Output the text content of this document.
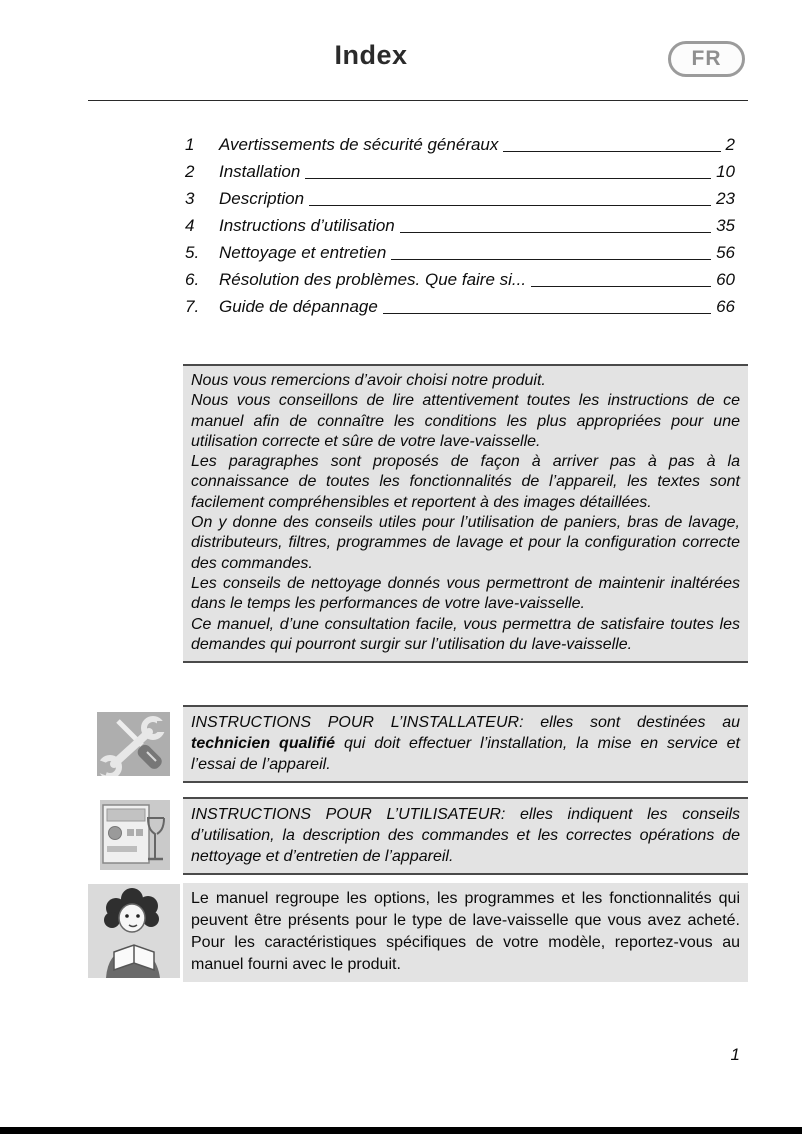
Index	FR
1	Avertissements de sécurité généraux	2
2	Installation	10
3	Description	23
4	Instructions d’utilisation	35
5.	Nettoyage et entretien	56
6.	Résolution des problèmes. Que faire si...	60
7.	Guide de dépannage	66

Nous vous remercions d’avoir choisi notre produit.

Nous vous conseillons de lire attentivement toutes les instructions de ce manuel afin de connaître les conditions les plus appropriées pour une utilisation correcte et sûre de votre lave-vaisselle.

Les paragraphes sont proposés de façon à arriver pas à pas à la connaissance de toutes les fonctionnalités de l’appareil, les textes sont facilement compréhensibles et reportent à des images détaillées.

On y donne des conseils utiles pour l’utilisation de paniers, bras de lavage, distributeurs, filtres, programmes de lavage et pour la configuration correcte des commandes.

Les conseils de nettoyage donnés vous permettront de maintenir inaltérées dans le temps les performances de votre lave-vaisselle.

Ce manuel, d’une consultation facile, vous permettra de satisfaire toutes les demandes qui pourront surgir sur l’utilisation du lave-vaisselle.

INSTRUCTIONS POUR L’INSTALLATEUR: elles sont destinées au technicien qualifié qui doit effectuer l’installation, la mise en service et l’essai de l’appareil.
INSTRUCTIONS POUR L’UTILISATEUR: elles indiquent les conseils d’utilisation, la description des commandes et les correctes opérations de nettoyage et d’entretien de l’appareil.
Le manuel regroupe les options, les programmes et les fonctionnalités qui peuvent être présents pour le type de lave-vaisselle que vous avez acheté. Pour les caractéristiques spécifiques de votre modèle, reportez-vous au manuel fourni avec le produit.
1
